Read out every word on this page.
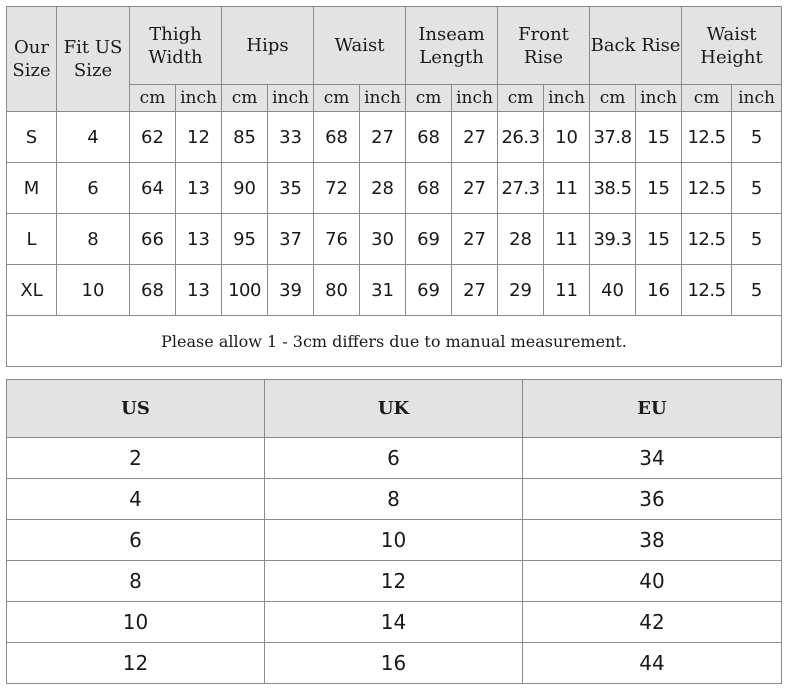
Our Size	Fit US Size	Thigh Width		Hips		Waist		Inseam Length		Front Rise		Back Rise		Waist Height	
		cm	inch	cm	inch	cm	inch	cm	inch	cm	inch	cm	inch	cm	inch
S	4	62	12	85	33	68	27	68	27	26.3	10	37.8	15	12.5	5
M	6	64	13	90	35	72	28	68	27	27.3	11	38.5	15	12.5	5
L	8	66	13	95	37	76	30	69	27	28	11	39.3	15	12.5	5
XL	10	68	13	100	39	80	31	69	27	29	11	40	16	12.5	5
Please allow 1 - 3cm differs due to manual measurement.															
US	UK	EU
2	6	34
4	8	36
6	10	38
8	12	40
10	14	42
12	16	44
